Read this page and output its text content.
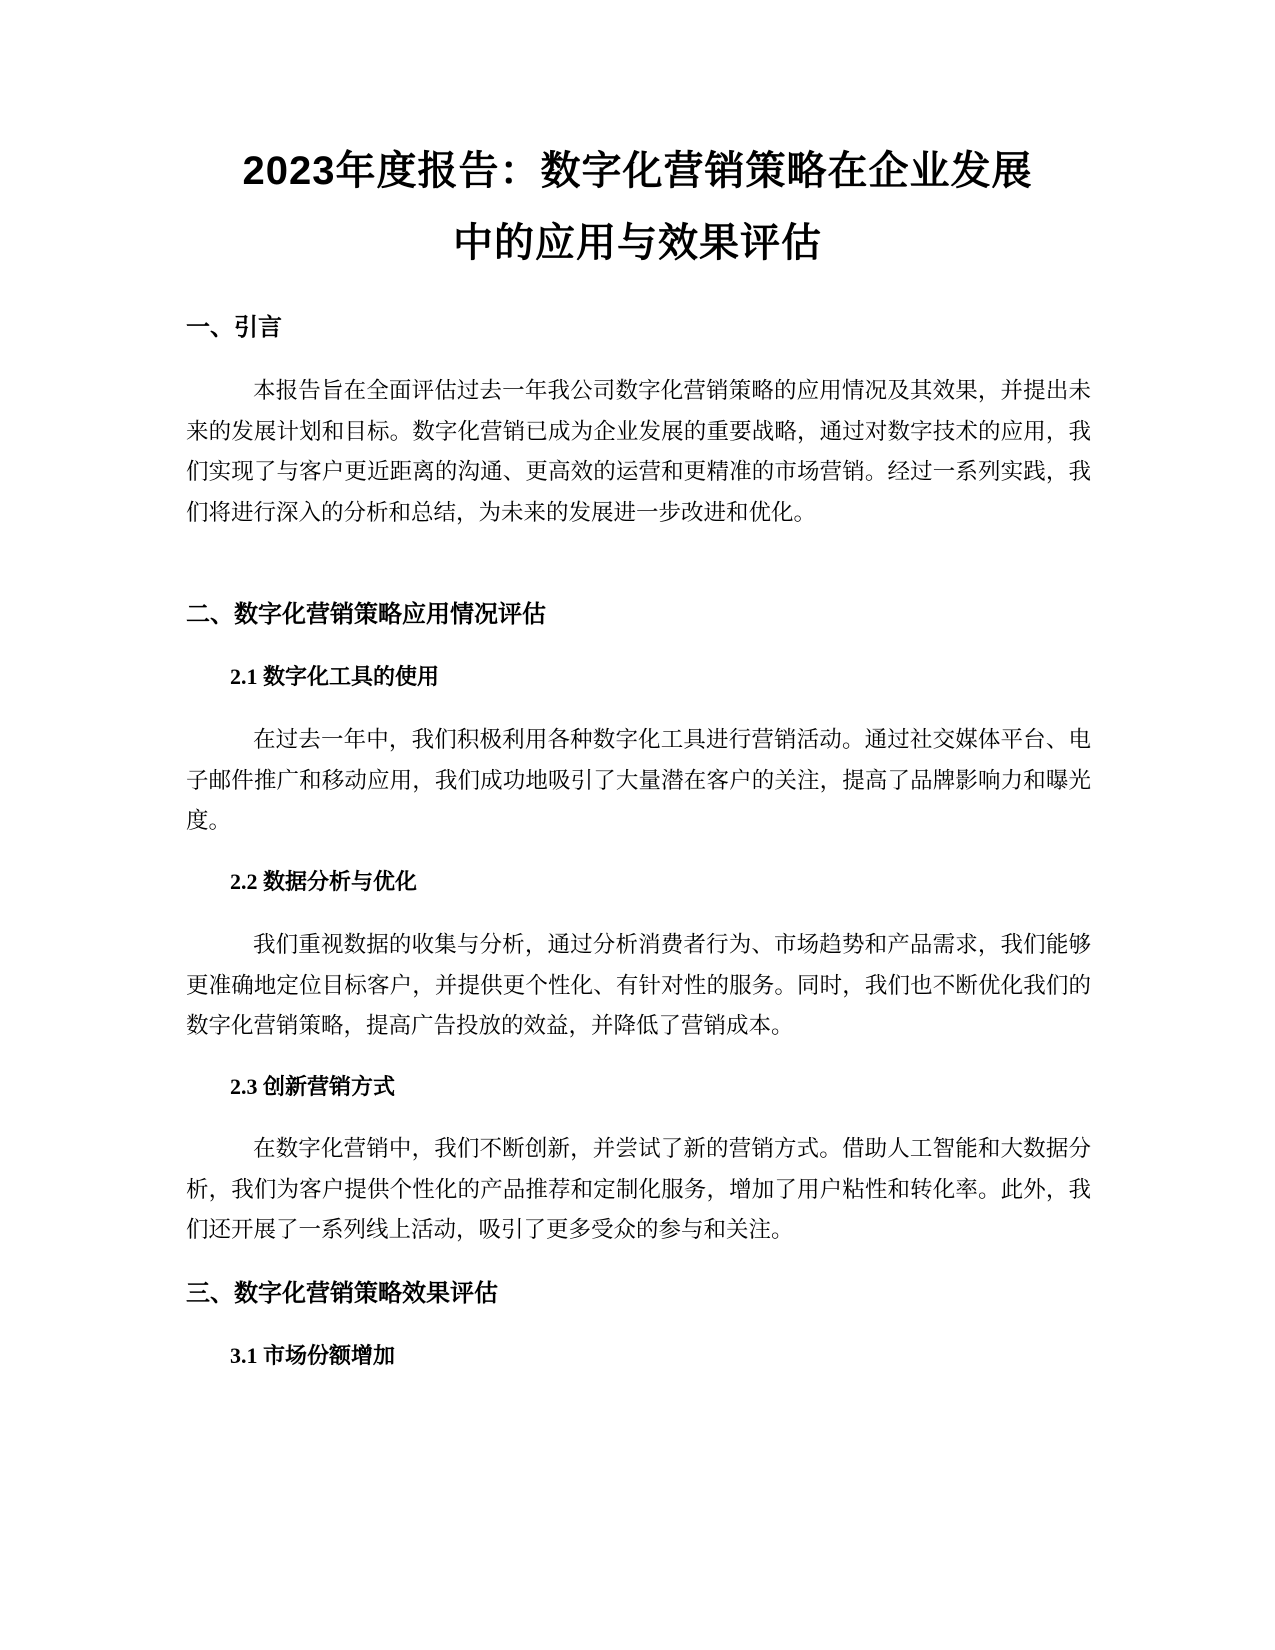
2023年度报告：数字化营销策略在企业发展
中的应用与效果评估
一、引言

本报告旨在全面评估过去一年我公司数字化营销策略的应用情况及其效果，并提出未来的发展计划和目标。数字化营销已成为企业发展的重要战略，通过对数字技术的应用，我们实现了与客户更近距离的沟通、更高效的运营和更精准的市场营销。经过一系列实践，我们将进行深入的分析和总结，为未来的发展进一步改进和优化。

二、数字化营销策略应用情况评估
2.1 数字化工具的使用

在过去一年中，我们积极利用各种数字化工具进行营销活动。通过社交媒体平台、电子邮件推广和移动应用，我们成功地吸引了大量潜在客户的关注，提高了品牌影响力和曝光度。

2.2 数据分析与优化

我们重视数据的收集与分析，通过分析消费者行为、市场趋势和产品需求，我们能够更准确地定位目标客户，并提供更个性化、有针对性的服务。同时，我们也不断优化我们的数字化营销策略，提高广告投放的效益，并降低了营销成本。

2.3 创新营销方式

在数字化营销中，我们不断创新，并尝试了新的营销方式。借助人工智能和大数据分析，我们为客户提供个性化的产品推荐和定制化服务，增加了用户粘性和转化率。此外，我们还开展了一系列线上活动，吸引了更多受众的参与和关注。

三、数字化营销策略效果评估
3.1 市场份额增加
